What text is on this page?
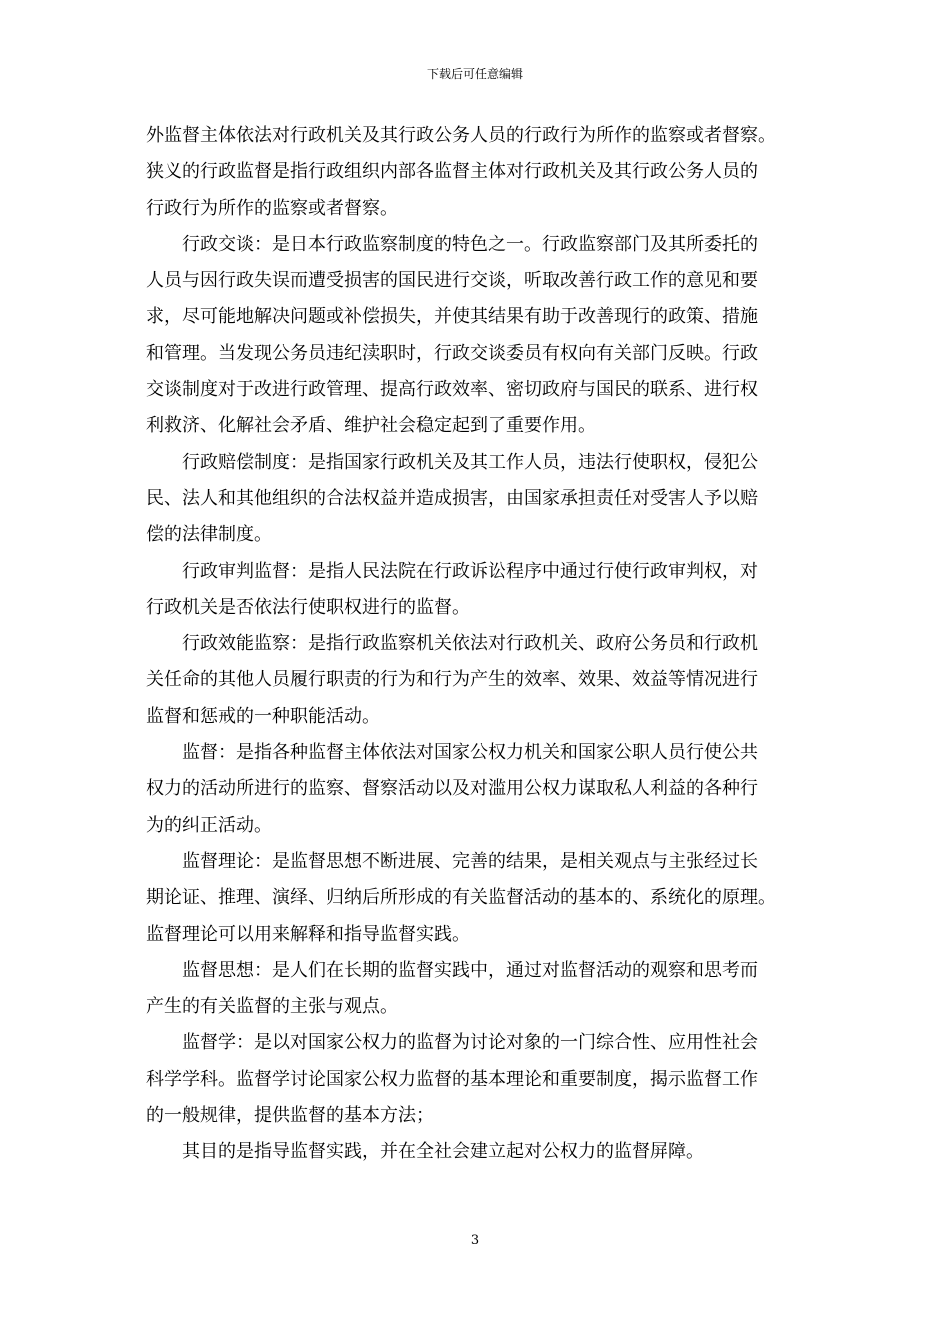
下载后可任意编辑
外监督主体依法对行政机关及其行政公务人员的行政行为所作的监察或者督察。
狭义的行政监督是指行政组织内部各监督主体对行政机关及其行政公务人员的
行政行为所作的监察或者督察。
行政交谈：是日本行政监察制度的特色之一。行政监察部门及其所委托的
人员与因行政失误而遭受损害的国民进行交谈，听取改善行政工作的意见和要
求，尽可能地解决问题或补偿损失，并使其结果有助于改善现行的政策、措施
和管理。当发现公务员违纪渎职时，行政交谈委员有权向有关部门反映。行政
交谈制度对于改进行政管理、提高行政效率、密切政府与国民的联系、进行权
利救济、化解社会矛盾、维护社会稳定起到了重要作用。
行政赔偿制度：是指国家行政机关及其工作人员，违法行使职权，侵犯公
民、法人和其他组织的合法权益并造成损害，由国家承担责任对受害人予以赔
偿的法律制度。
行政审判监督：是指人民法院在行政诉讼程序中通过行使行政审判权，对
行政机关是否依法行使职权进行的监督。
行政效能监察：是指行政监察机关依法对行政机关、政府公务员和行政机
关任命的其他人员履行职责的行为和行为产生的效率、效果、效益等情况进行
监督和惩戒的一种职能活动。
监督：是指各种监督主体依法对国家公权力机关和国家公职人员行使公共
权力的活动所进行的监察、督察活动以及对滥用公权力谋取私人利益的各种行
为的纠正活动。
监督理论：是监督思想不断进展、完善的结果，是相关观点与主张经过长
期论证、推理、演绎、归纳后所形成的有关监督活动的基本的、系统化的原理。
监督理论可以用来解释和指导监督实践。
监督思想：是人们在长期的监督实践中，通过对监督活动的观察和思考而
产生的有关监督的主张与观点。
监督学：是以对国家公权力的监督为讨论对象的一门综合性、应用性社会
科学学科。监督学讨论国家公权力监督的基本理论和重要制度，揭示监督工作
的一般规律，提供监督的基本方法；
其目的是指导监督实践，并在全社会建立起对公权力的监督屏障。
3
